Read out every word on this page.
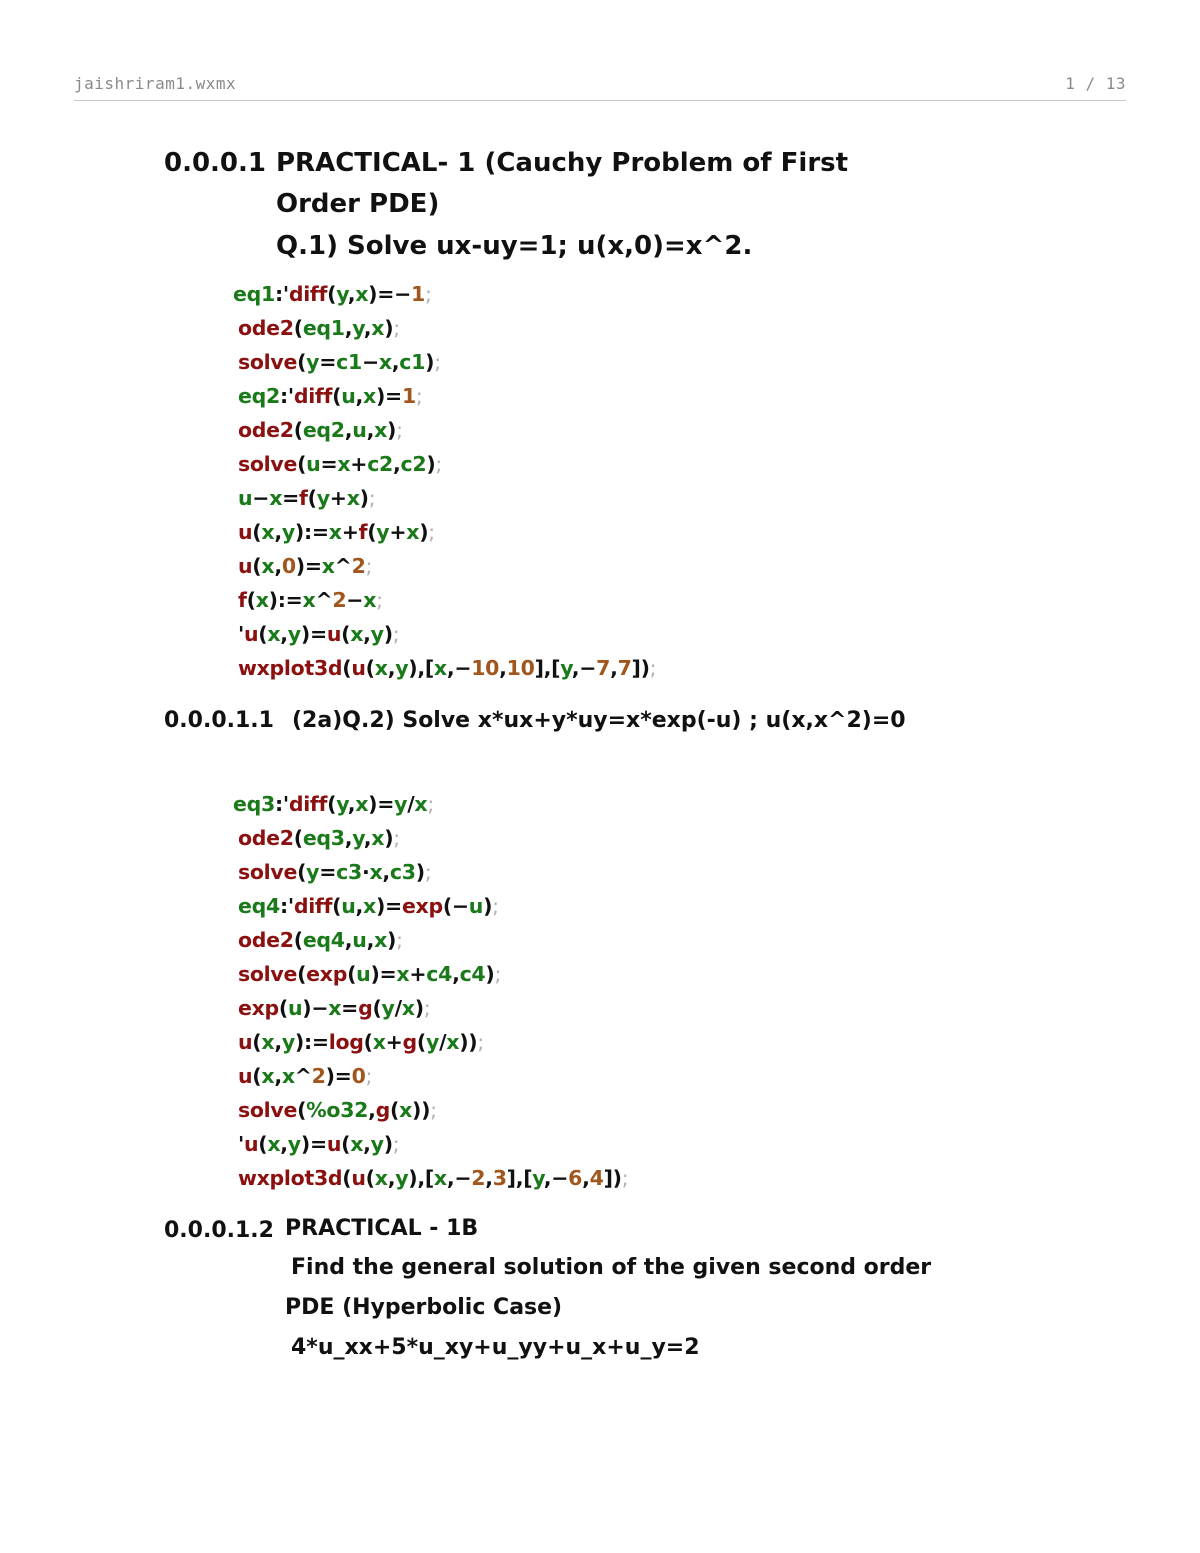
jaishriram1.wxmx	1 / 13
0.0.0.1 PRACTICAL- 1 (Cauchy Problem of First
Order PDE)
Q.1) Solve ux-uy=1; u(x,0)=x^2.
eq1:'diff(y,x)=−1;
ode2(eq1,y,x);
solve(y=c1−x,c1);
eq2:'diff(u,x)=1;
ode2(eq2,u,x);
solve(u=x+c2,c2);
u−x=f(y+x);
u(x,y):=x+f(y+x);
u(x,0)=x^2;
f(x):=x^2−x;
'u(x,y)=u(x,y);
wxplot3d(u(x,y),[x,−10,10],[y,−7,7]);
0.0.0.1.1 (2a)Q.2) Solve x*ux+y*uy=x*exp(-u) ; u(x,x^2)=0
eq3:'diff(y,x)=y/x;
ode2(eq3,y,x);
solve(y=c3·x,c3);
eq4:'diff(u,x)=exp(−u);
ode2(eq4,u,x);
solve(exp(u)=x+c4,c4);
exp(u)−x=g(y/x);
u(x,y):=log(x+g(y/x));
u(x,x^2)=0;
solve(%o32,g(x));
'u(x,y)=u(x,y);
wxplot3d(u(x,y),[x,−2,3],[y,−6,4]);
0.0.0.1.2 PRACTICAL - 1B
Find the general solution of the given second order
PDE (Hyperbolic Case)
4*u_xx+5*u_xy+u_yy+u_x+u_y=2
